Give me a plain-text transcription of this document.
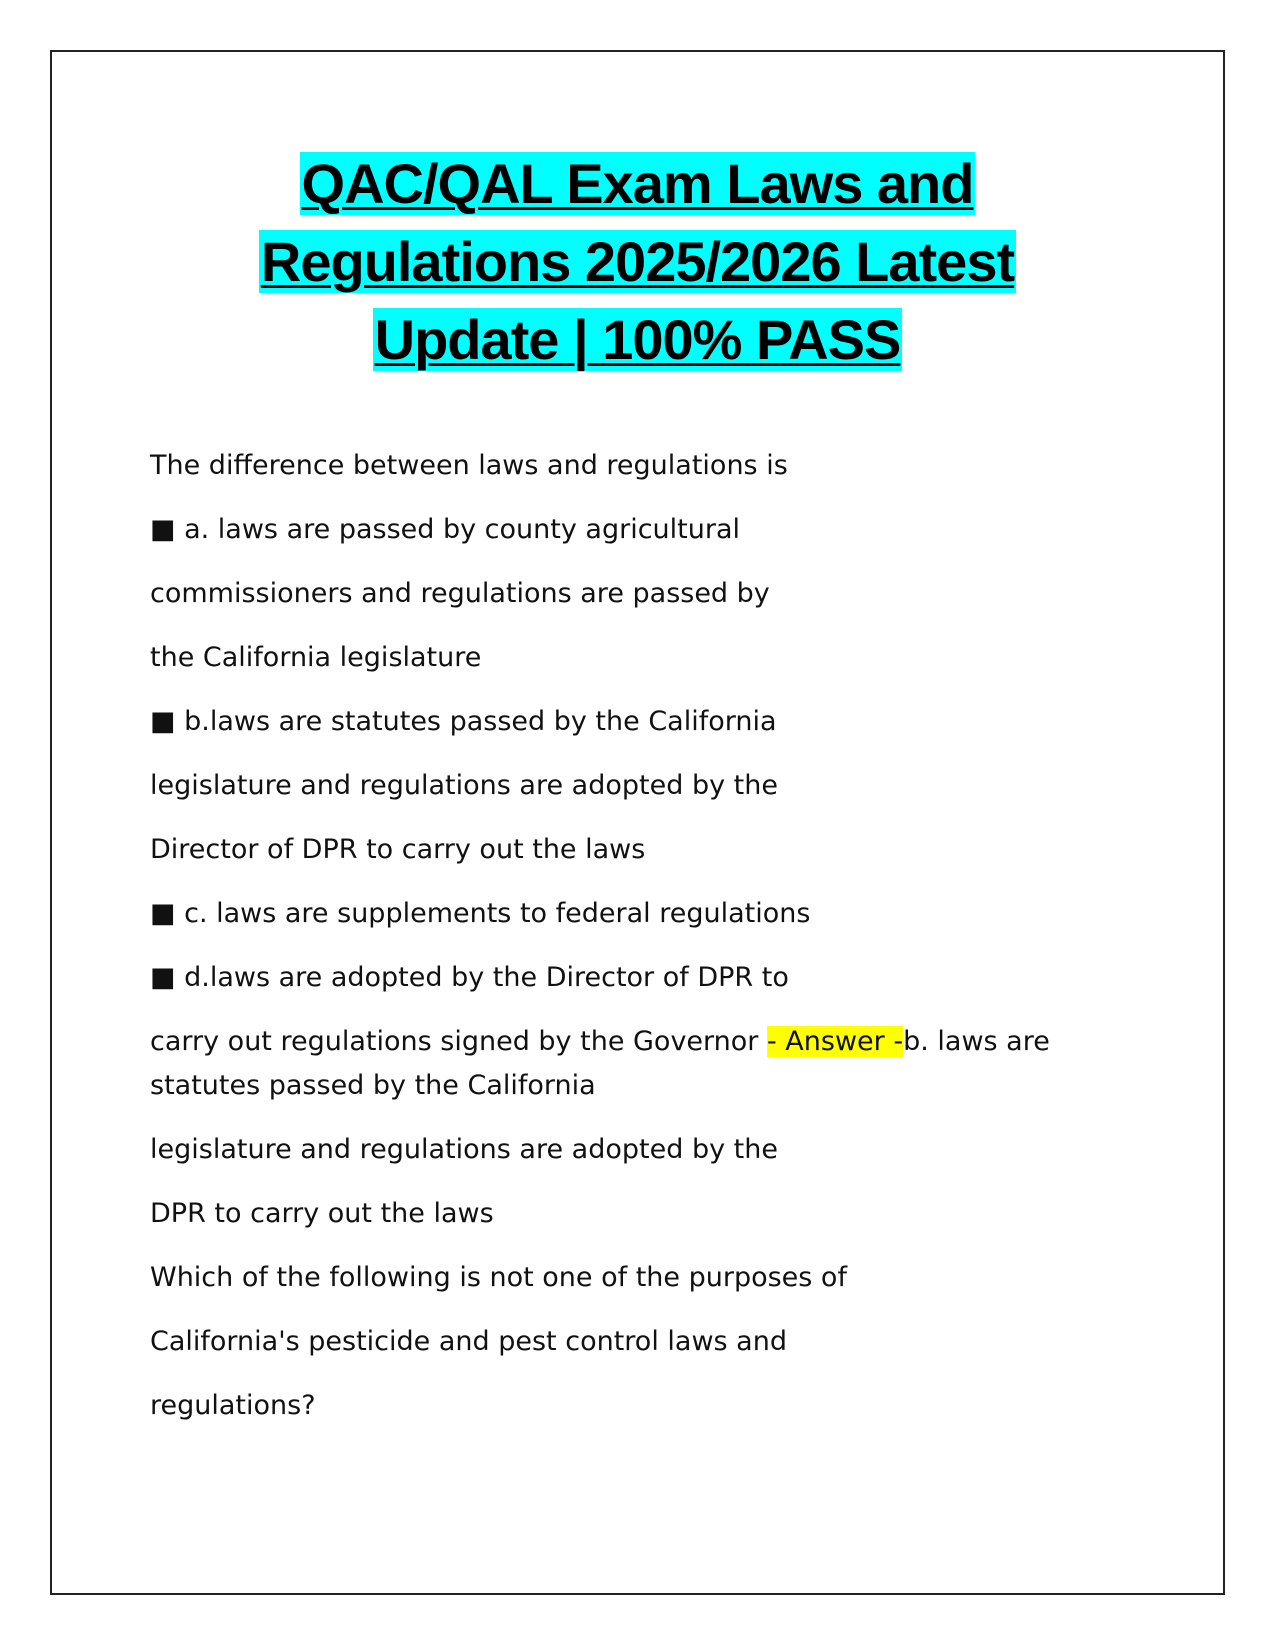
QAC/QAL Exam Laws and
Regulations 2025/2026 Latest
Update | 100% PASS
The difference between laws and regulations is
■ a. laws are passed by county agricultural
commissioners and regulations are passed by
the California legislature
■ b.laws are statutes passed by the California
legislature and regulations are adopted by the
Director of DPR to carry out the laws
■ c. laws are supplements to federal regulations
■ d.laws are adopted by the Director of DPR to
carry out regulations signed by the Governor - Answer -b. laws are
statutes passed by the California
legislature and regulations are adopted by the
DPR to carry out the laws
Which of the following is not one of the purposes of
California's pesticide and pest control laws and
regulations?
